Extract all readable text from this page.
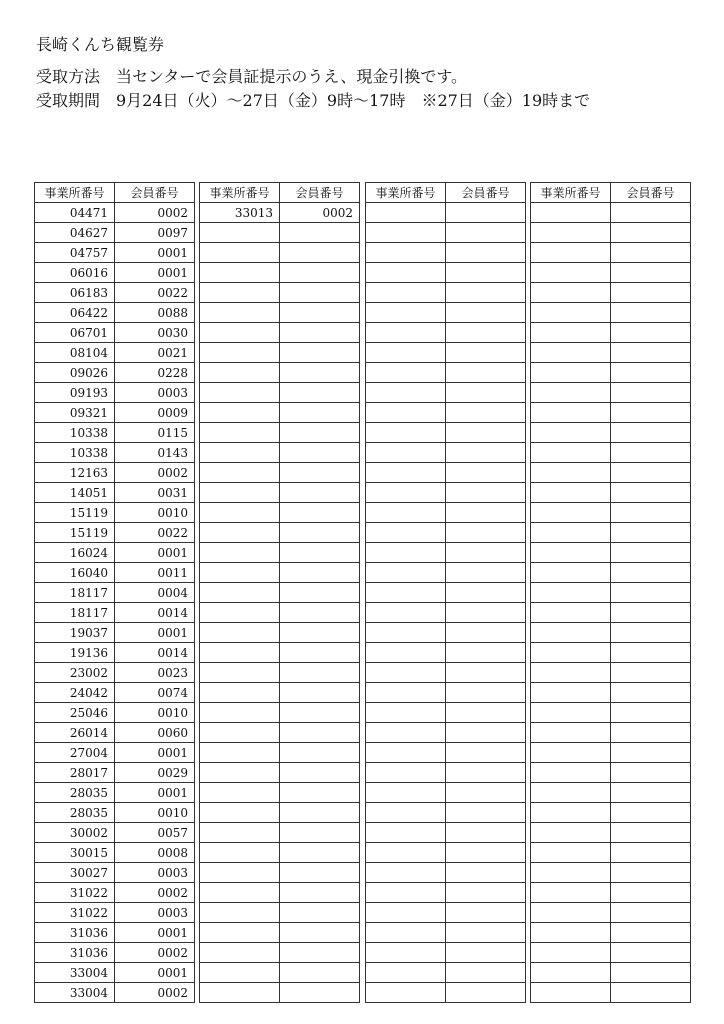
長崎くんち観覧券
受取方法　当センターで会員証提示のうえ、現金引換です。
受取期間　9月24日（火）～27日（金）9時～17時　※27日（金）19時まで
事業所番号	会員番号
04471	0002
04627	0097
04757	0001
06016	0001
06183	0022
06422	0088
06701	0030
08104	0021
09026	0228
09193	0003
09321	0009
10338	0115
10338	0143
12163	0002
14051	0031
15119	0010
15119	0022
16024	0001
16040	0011
18117	0004
18117	0014
19037	0001
19136	0014
23002	0023
24042	0074
25046	0010
26014	0060
27004	0001
28017	0029
28035	0001
28035	0010
30002	0057
30015	0008
30027	0003
31022	0002
31022	0003
31036	0001
31036	0002
33004	0001
33004	0002
事業所番号	会員番号
33013	0002

事業所番号	会員番号

		事業所番号	会員番号
